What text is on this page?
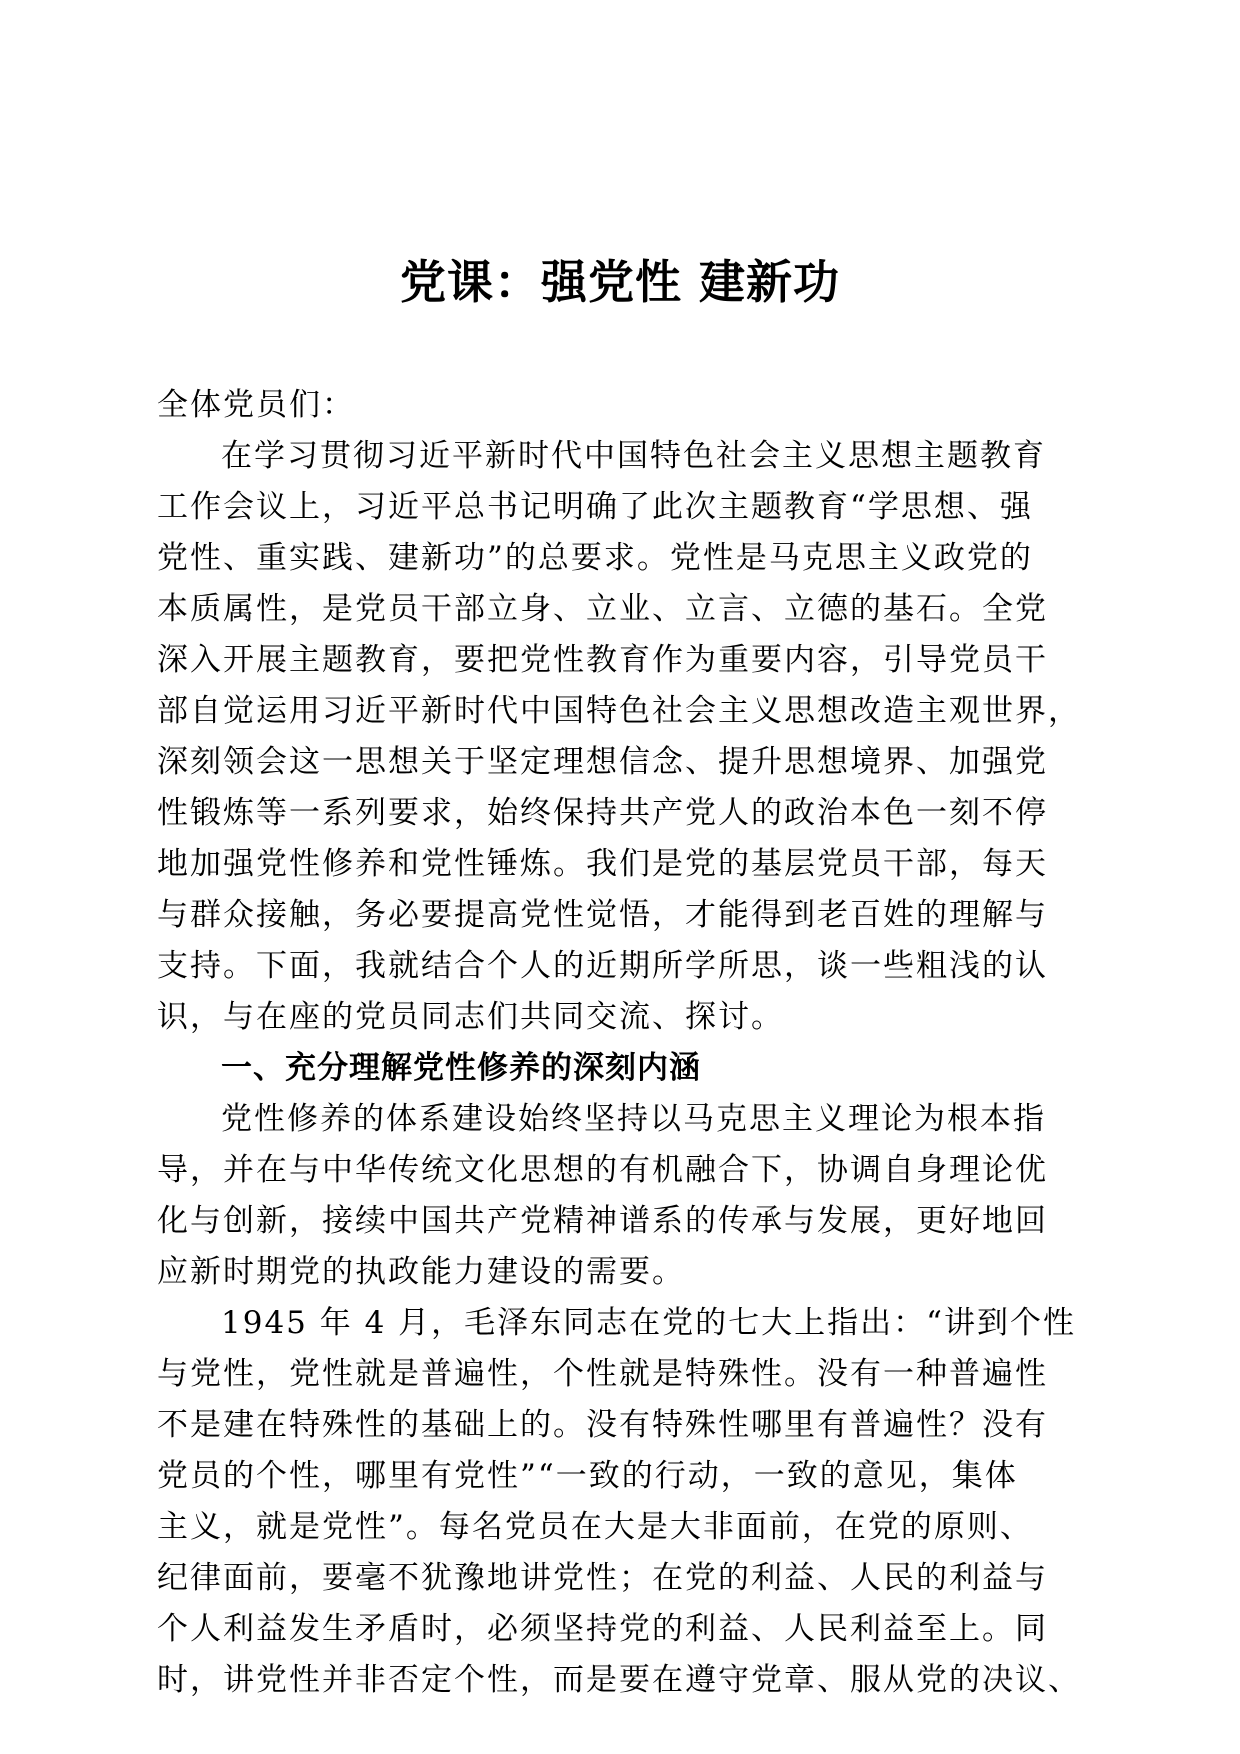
党课：强党性 建新功
全体党员们：
在学习贯彻习近平新时代中国特色社会主义思想主题教育
工作会议上，习近平总书记明确了此次主题教育“学思想、强
党性、重实践、建新功”的总要求。党性是马克思主义政党的
本质属性，是党员干部立身、立业、立言、立德的基石。全党
深入开展主题教育，要把党性教育作为重要内容，引导党员干
部自觉运用习近平新时代中国特色社会主义思想改造主观世界，
深刻领会这一思想关于坚定理想信念、提升思想境界、加强党
性锻炼等一系列要求，始终保持共产党人的政治本色一刻不停
地加强党性修养和党性锤炼。我们是党的基层党员干部，每天
与群众接触，务必要提高党性觉悟，才能得到老百姓的理解与
支持。下面，我就结合个人的近期所学所思，谈一些粗浅的认
识，与在座的党员同志们共同交流、探讨。
一、充分理解党性修养的深刻内涵
党性修养的体系建设始终坚持以马克思主义理论为根本指
导，并在与中华传统文化思想的有机融合下，协调自身理论优
化与创新，接续中国共产党精神谱系的传承与发展，更好地回
应新时期党的执政能力建设的需要。
1945 年 4 月，毛泽东同志在党的七大上指出：“讲到个性
与党性，党性就是普遍性，个性就是特殊性。没有一种普遍性
不是建在特殊性的基础上的。没有特殊性哪里有普遍性？没有
党员的个性，哪里有党性”“一致的行动，一致的意见，集体
主义，就是党性”。每名党员在大是大非面前，在党的原则、
纪律面前，要毫不犹豫地讲党性；在党的利益、人民的利益与
个人利益发生矛盾时，必须坚持党的利益、人民利益至上。同
时，讲党性并非否定个性，而是要在遵守党章、服从党的决议、
